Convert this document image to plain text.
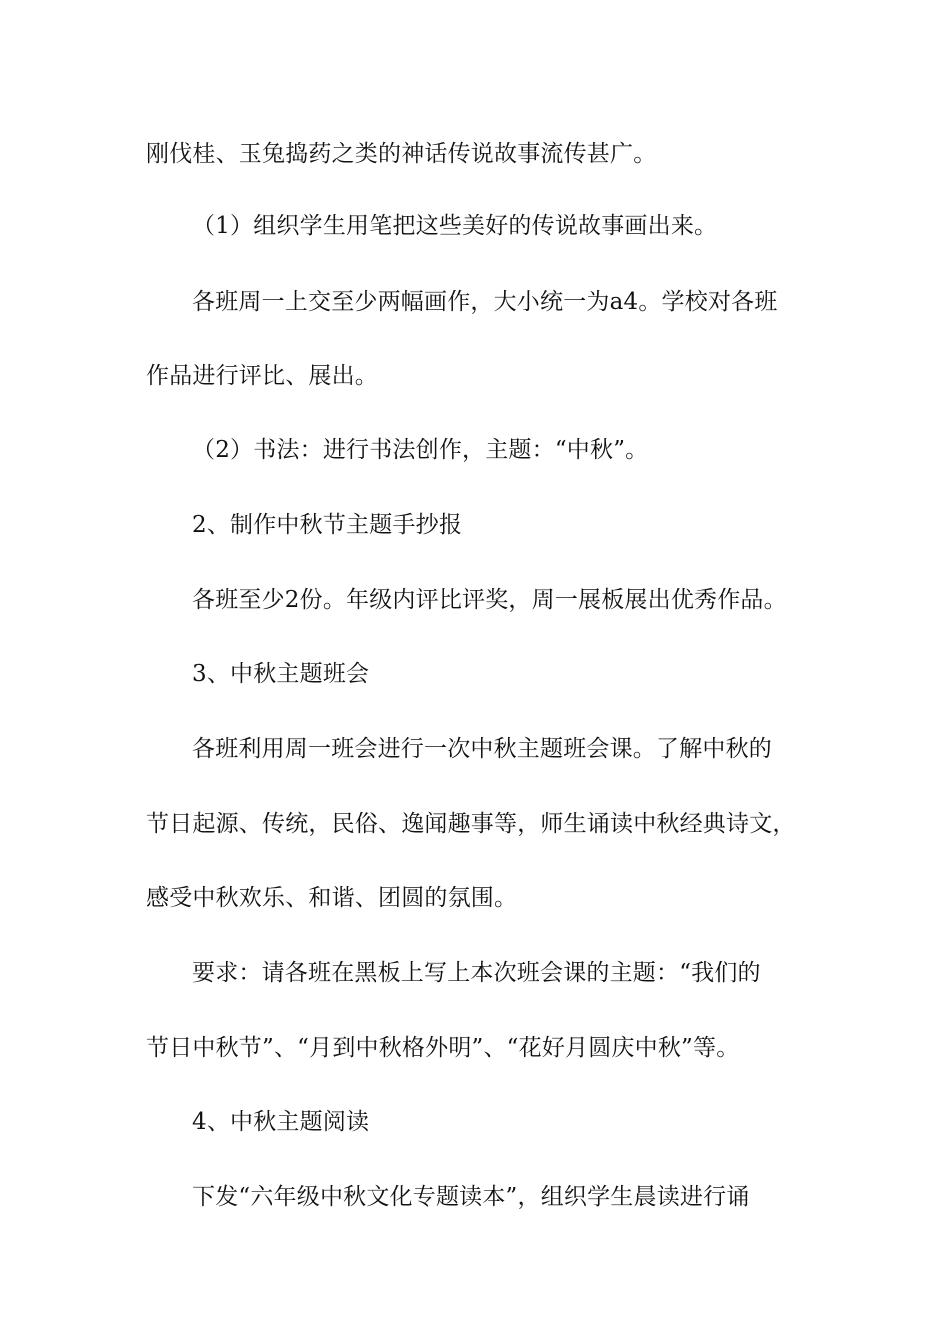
刚伐桂、玉兔捣药之类的神话传说故事流传甚广。
（1）组织学生用笔把这些美好的传说故事画出来。
各班周一上交至少两幅画作，大小统一为a4。学校对各班
作品进行评比、展出。
（2）书法：进行书法创作，主题：“中秋”。
2、制作中秋节主题手抄报
各班至少2份。年级内评比评奖，周一展板展出优秀作品。
3、中秋主题班会
各班利用周一班会进行一次中秋主题班会课。了解中秋的
节日起源、传统，民俗、逸闻趣事等，师生诵读中秋经典诗文，
感受中秋欢乐、和谐、团圆的氛围。
要求：请各班在黑板上写上本次班会课的主题：“我们的
节日中秋节”、“月到中秋格外明”、“花好月圆庆中秋”等。
4、中秋主题阅读
下发“六年级中秋文化专题读本”，组织学生晨读进行诵
